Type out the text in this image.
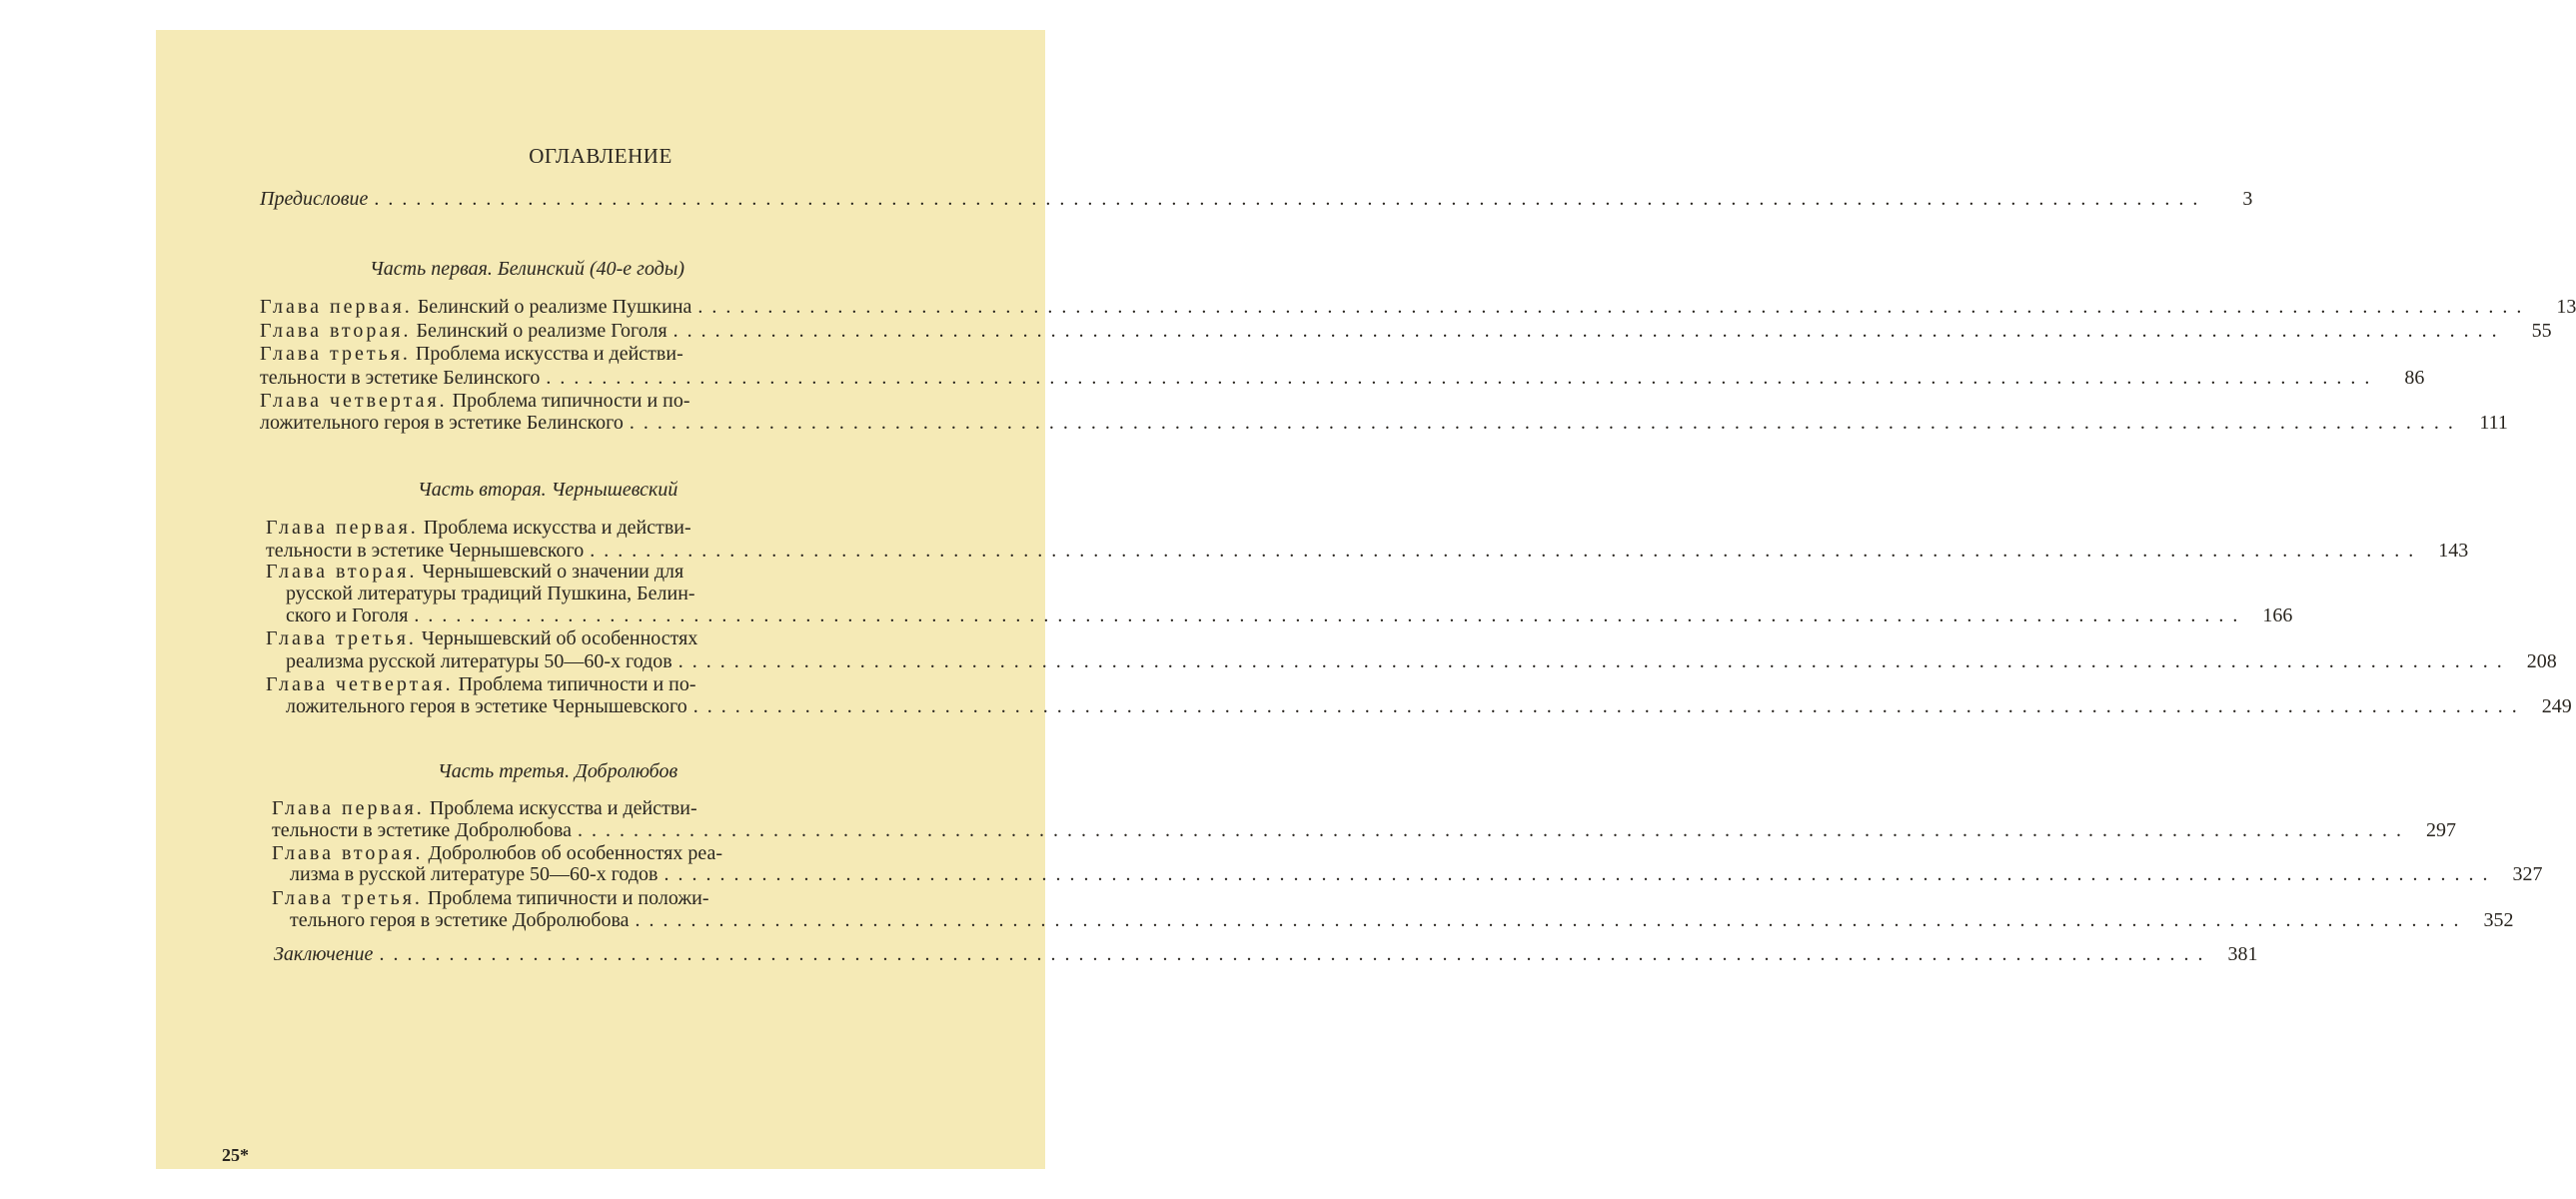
ОГЛАВЛЕНИЕ
Предисловие ...................................................................................................................................	3
Часть первая. Белинский (40-е годы)
Глава первая. Белинский о реализме Пушкина ...................................................................................................................................	13
Глава вторая. Белинский о реализме Гоголя ...................................................................................................................................	55
Глава третья. Проблема искусства и действи-
тельности в эстетике Белинского ...................................................................................................................................	86
Глава четвертая. Проблема типичности и по-
ложительного героя в эстетике Белинского ................................................................................................................................... 111
Часть вторая. Чернышевский
Глава первая. Проблема искусства и действи-
тельности в эстетике Чернышевского ................................................................................................................................... 143
Глава вторая. Чернышевский о значении для
русской литературы традиций Пушкина, Белин-
ского и Гоголя ................................................................................................................................... 166
Глава третья. Чернышевский об особенностях
реализма русской литературы 50—60-х годов ................................................................................................................................... 208
Глава четвертая. Проблема типичности и по-
ложительного героя в эстетике Чернышевского ................................................................................................................................... 249
Часть третья. Добролюбов
Глава первая. Проблема искусства и действи-
тельности в эстетике Добролюбова ................................................................................................................................... 297
Глава вторая. Добролюбов об особенностях реа-
лизма в русской литературе 50—60-х годов ................................................................................................................................... 327
Глава третья. Проблема типичности и положи-
тельного героя в эстетике Добролюбова ................................................................................................................................... 352
Заключение ................................................................................................................................... 381
25*
